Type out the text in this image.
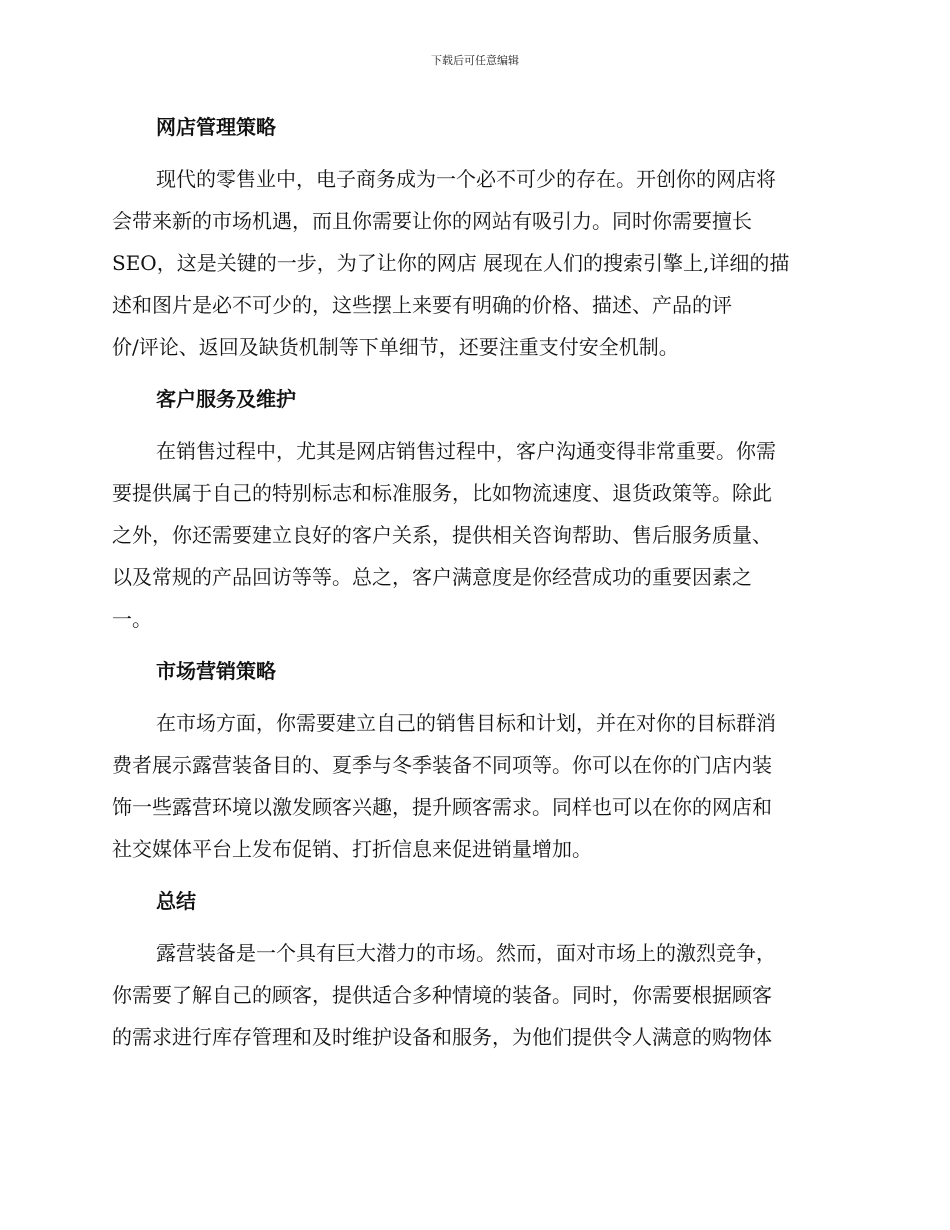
下载后可任意编辑
网店管理策略
现代的零售业中，电子商务成为一个必不可少的存在。开创你的网店将
会带来新的市场机遇，而且你需要让你的网站有吸引力。同时你需要擅长
SEO，这是关键的一步，为了让你的网店 展现在人们的搜索引擎上,详细的描
述和图片是必不可少的，这些摆上来要有明确的价格、描述、产品的评
价/评论、返回及缺货机制等下单细节，还要注重支付安全机制。
客户服务及维护
在销售过程中，尤其是网店销售过程中，客户沟通变得非常重要。你需
要提供属于自己的特别标志和标准服务，比如物流速度、退货政策等。除此
之外，你还需要建立良好的客户关系，提供相关咨询帮助、售后服务质量、
以及常规的产品回访等等。总之，客户满意度是你经营成功的重要因素之
一。
市场营销策略
在市场方面，你需要建立自己的销售目标和计划，并在对你的目标群消
费者展示露营装备目的、夏季与冬季装备不同项等。你可以在你的门店内装
饰一些露营环境以激发顾客兴趣，提升顾客需求。同样也可以在你的网店和
社交媒体平台上发布促销、打折信息来促进销量增加。
总结
露营装备是一个具有巨大潜力的市场。然而，面对市场上的激烈竞争，
你需要了解自己的顾客，提供适合多种情境的装备。同时，你需要根据顾客
的需求进行库存管理和及时维护设备和服务，为他们提供令人满意的购物体
